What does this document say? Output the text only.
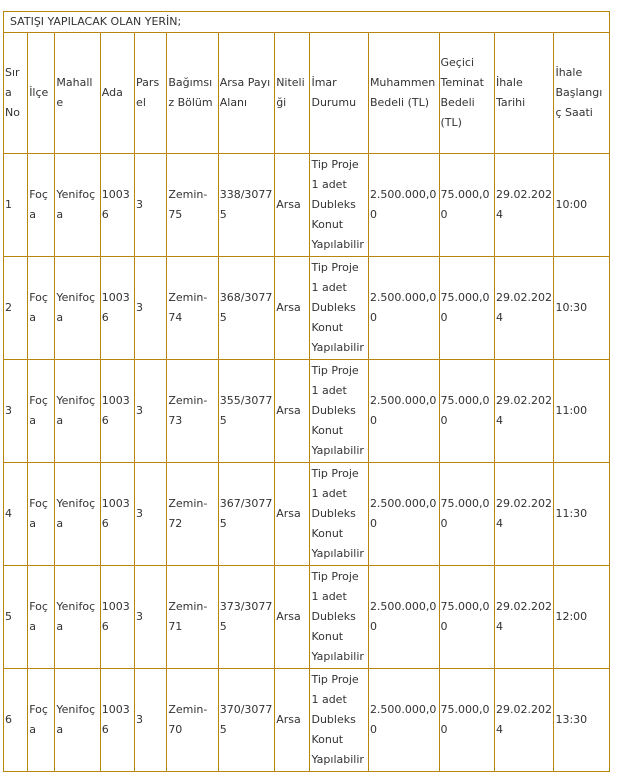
SATIŞI YAPILACAK OLAN YERİN;												
Sıra No	İlçe	Mahalle	Ada	Parsel	Bağımsız Bölüm	Arsa Payı Alanı	Niteliği	İmar Durumu	Muhammen Bedeli (TL)	Geçici Teminat Bedeli (TL)	İhale Tarihi	İhale Başlangıç Saati
1	Foça	Yenifoça	10036	3	Zemin-75	338/30775	Arsa	Tip Proje 1 adet Dubleks Konut Yapılabilir	2.500.000,00	75.000,00	29.02.2024	10:00
2	Foça	Yenifoça	10036	3	Zemin-74	368/30775	Arsa	Tip Proje 1 adet Dubleks Konut Yapılabilir	2.500.000,00	75.000,00	29.02.2024	10:30
3	Foça	Yenifoça	10036	3	Zemin-73	355/30775	Arsa	Tip Proje 1 adet Dubleks Konut Yapılabilir	2.500.000,00	75.000,00	29.02.2024	11:00
4	Foça	Yenifoça	10036	3	Zemin-72	367/30775	Arsa	Tip Proje 1 adet Dubleks Konut Yapılabilir	2.500.000,00	75.000,00	29.02.2024	11:30
5	Foça	Yenifoça	10036	3	Zemin-71	373/30775	Arsa	Tip Proje 1 adet Dubleks Konut Yapılabilir	2.500.000,00	75.000,00	29.02.2024	12:00
6	Foça	Yenifoça	10036	3	Zemin-70	370/30775	Arsa	Tip Proje 1 adet Dubleks Konut Yapılabilir	2.500.000,00	75.000,00	29.02.2024	13:30
